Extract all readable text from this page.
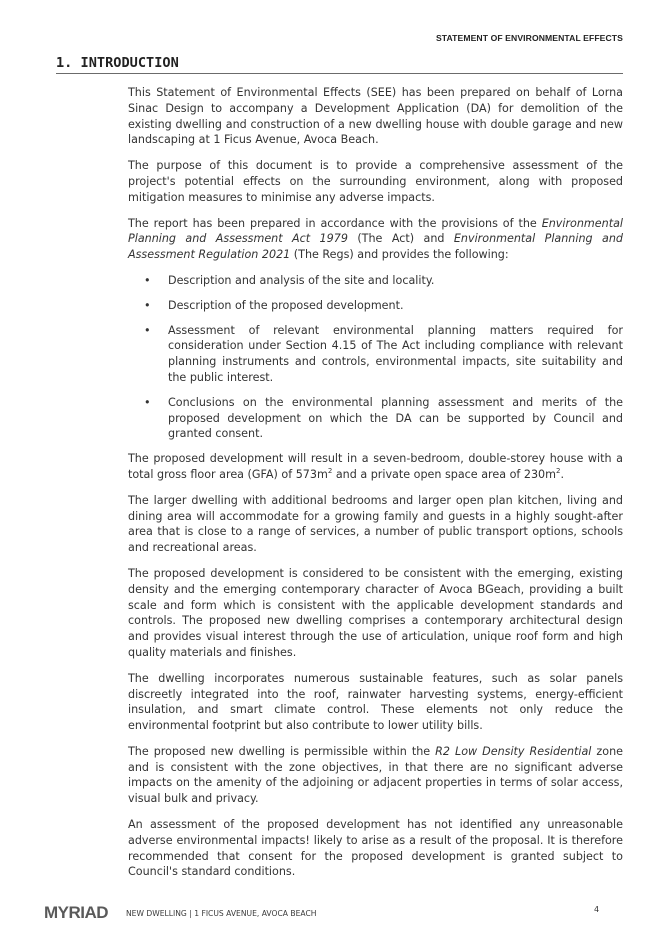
STATEMENT OF ENVIRONMENTAL EFFECTS
1. INTRODUCTION

This Statement of Environmental Effects (SEE) has been prepared on behalf of Lorna Sinac Design to accompany a Development Application (DA) for demolition of the existing dwelling and construction of a new dwelling house with double garage and new landscaping at 1 Ficus Avenue, Avoca Beach.

The purpose of this document is to provide a comprehensive assessment of the project's potential effects on the surrounding environment, along with proposed mitigation measures to minimise any adverse impacts.

The report has been prepared in accordance with the provisions of the Environmental Planning and Assessment Act 1979 (The Act) and Environmental Planning and Assessment Regulation 2021 (The Regs) and provides the following:

• Description and analysis of the site and locality.
• Description of the proposed development.
• Assessment of relevant environmental planning matters required for consideration under Section 4.15 of The Act including compliance with relevant planning instruments and controls, environmental impacts, site suitability and the public interest.
• Conclusions on the environmental planning assessment and merits of the proposed development on which the DA can be supported by Council and granted consent.

The proposed development will result in a seven-bedroom, double-storey house with a total gross floor area (GFA) of $573m^2$ and a private open space area of $230m^2$.

The larger dwelling with additional bedrooms and larger open plan kitchen, living and dining area will accommodate for a growing family and guests in a highly sought-after area that is close to a range of services, a number of public transport options, schools and recreational areas.

The proposed development is considered to be consistent with the emerging, existing density and the emerging contemporary character of Avoca BGeach, providing a built scale and form which is consistent with the applicable development standards and controls. The proposed new dwelling comprises a contemporary architectural design and provides visual interest through the use of articulation, unique roof form and high quality materials and finishes.

The dwelling incorporates numerous sustainable features, such as solar panels discreetly integrated into the roof, rainwater harvesting systems, energy-efficient insulation, and smart climate control. These elements not only reduce the environmental footprint but also contribute to lower utility bills.

The proposed new dwelling is permissible within the R2 Low Density Residential zone and is consistent with the zone objectives, in that there are no significant adverse impacts on the amenity of the adjoining or adjacent properties in terms of solar access, visual bulk and privacy.

An assessment of the proposed development has not identified any unreasonable adverse environmental impacts! likely to arise as a result of the proposal. It is therefore recommended that consent for the proposed development is granted subject to Council's standard conditions.

MYRIAD NEW DWELLING | 1 FICUS AVENUE, AVOCA BEACH	4
